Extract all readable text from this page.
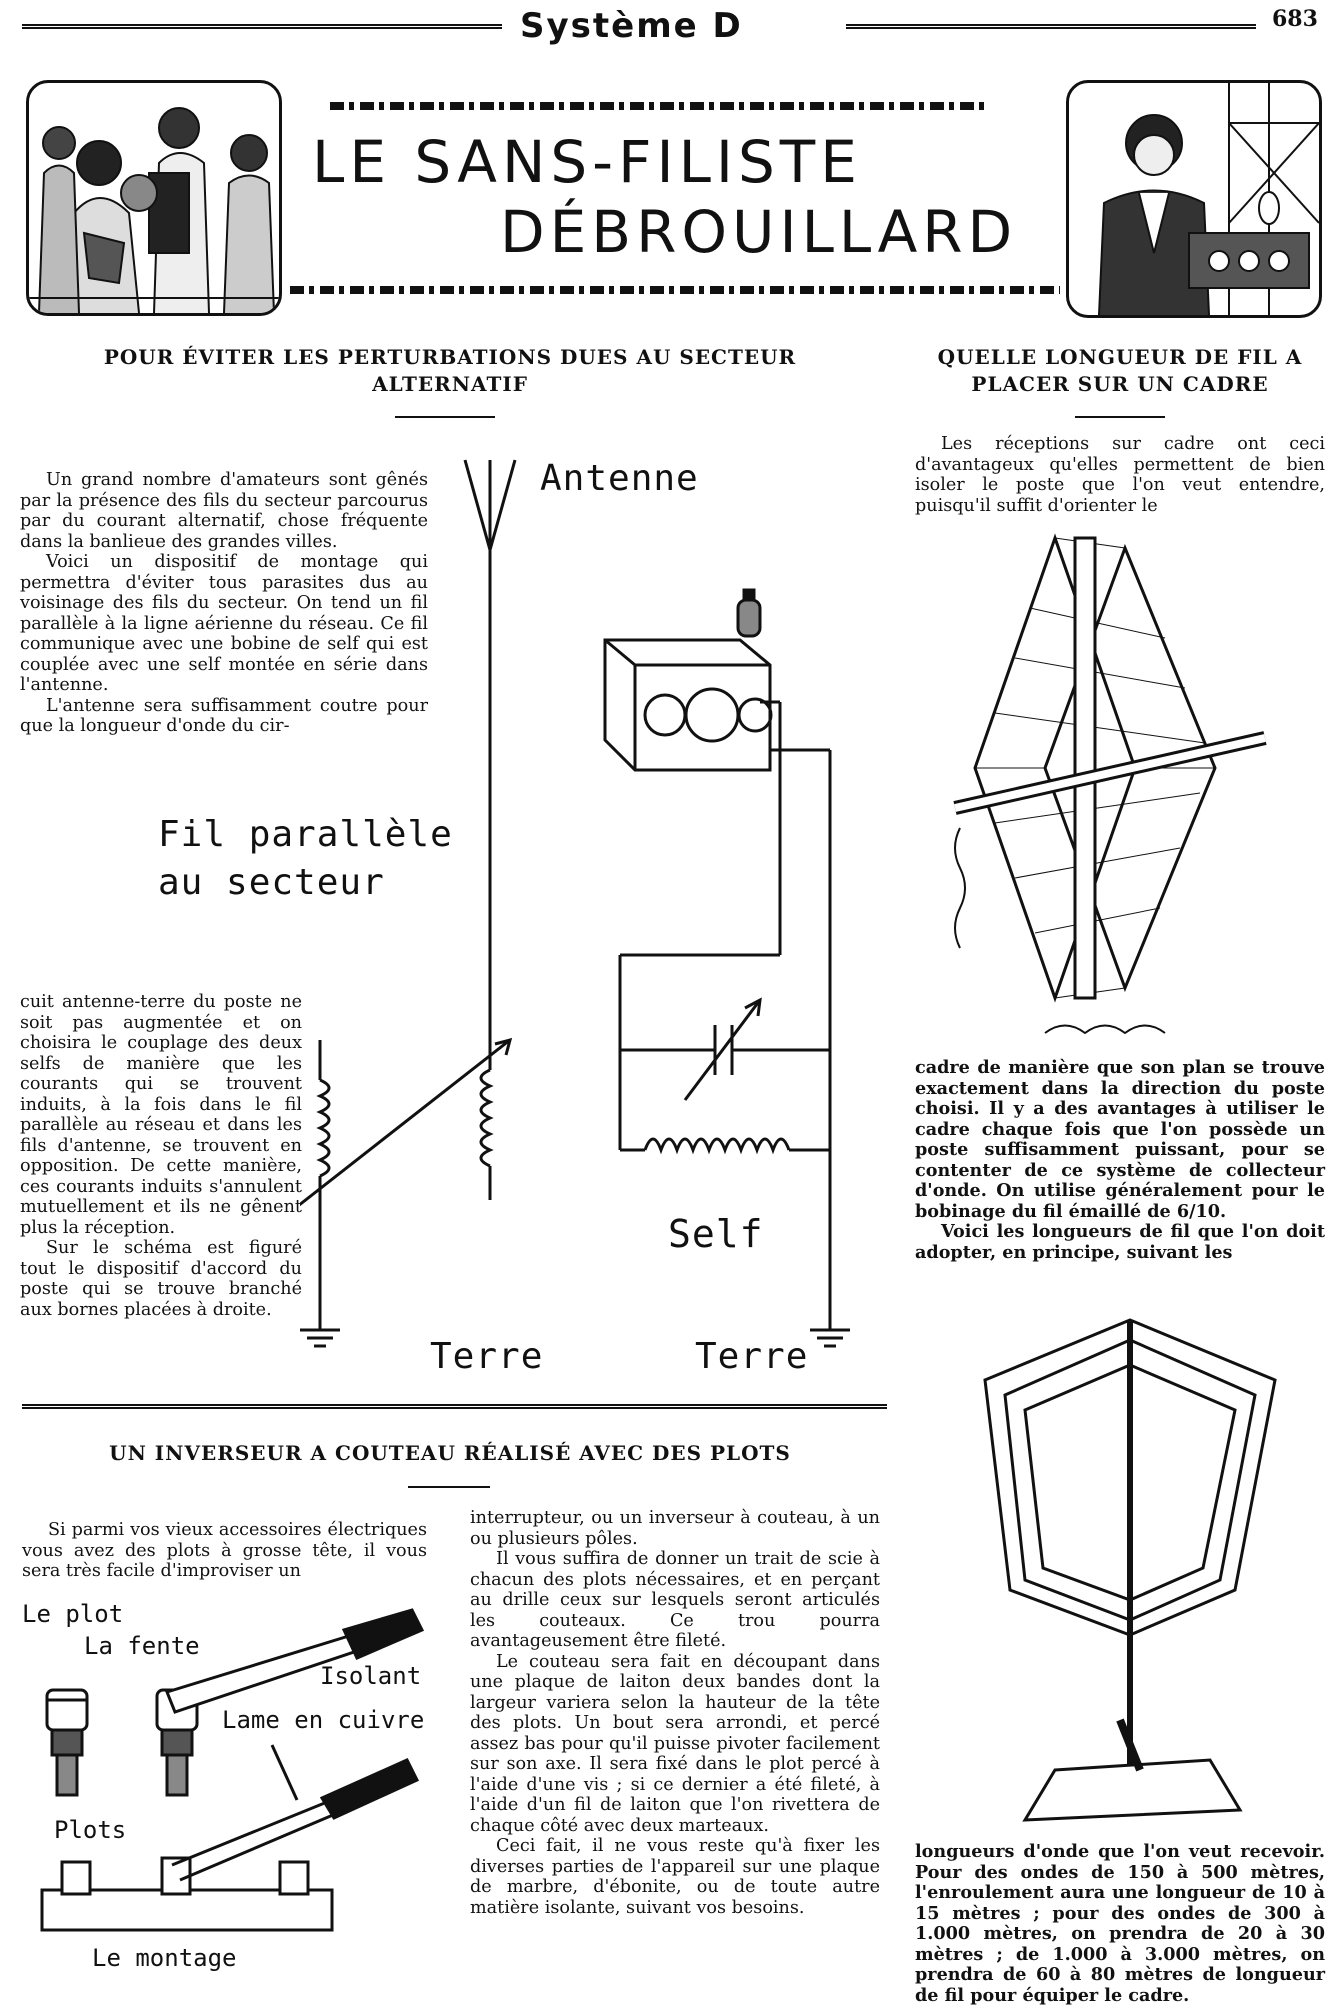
Système D	683
LE SANS-FILISTE
DÉBROUILLARD
POUR ÉVITER LES PERTURBATIONS DUES AU SECTEUR ALTERNATIF

Un grand nombre d'amateurs sont gênés par la présence des fils du secteur parcourus par du courant alternatif, chose fréquente dans la banlieue des grandes villes.

Voici un dispositif de montage qui permettra d'éviter tous parasites dus au voisinage des fils du secteur. On tend un fil parallèle à la ligne aérienne du réseau. Ce fil communique avec une bobine de self qui est couplée avec une self montée en série dans l'antenne.

L'antenne sera suffisamment coutre pour que la longueur d'onde du cir-

cuit antenne-terre du poste ne soit pas augmentée et on choisira le couplage des deux selfs de manière que les courants qui se trouvent induits, à la fois dans le fil parallèle au réseau et dans les fils d'antenne, se trouvent en opposition. De cette manière, ces courants induits s'annulent mutuellement et ils ne gênent plus la réception.

Sur le schéma est figuré tout le dispositif d'accord du poste qui se trouve branché aux bornes placées à droite.

Antenne
Fil parallèle
au secteur
Self
Terre	Terre
QUELLE LONGUEUR DE FIL A
PLACER SUR UN CADRE

Les réceptions sur cadre ont ceci d'avantageux qu'elles permettent de bien isoler le poste que l'on veut entendre, puisqu'il suffit d'orienter le

cadre de manière que son plan se trouve exactement dans la direction du poste choisi. Il y a des avantages à utiliser le cadre chaque fois que l'on possède un poste suffisamment puissant, pour se contenter de ce système de collecteur d'onde. On utilise généralement pour le bobinage du fil émaillé de 6/10.

Voici les longueurs de fil que l'on doit adopter, en principe, suivant les

longueurs d'onde que l'on veut recevoir. Pour des ondes de 150 à 500 mètres, l'enroulement aura une longueur de 10 à 15 mètres ; pour des ondes de 300 à 1.000 mètres, on prendra de 20 à 30 mètres ; de 1.000 à 3.000 mètres, on prendra de 60 à 80 mètres de longueur de fil pour équiper le cadre.

UN INVERSEUR A COUTEAU RÉALISÉ AVEC DES PLOTS

Si parmi vos vieux accessoires électriques vous avez des plots à grosse tête, il vous sera très facile d'improviser un

Le plot
La fente
Isolant
Lame en cuivre
Plots
Le montage

interrupteur, ou un inverseur à couteau, à un ou plusieurs pôles.

Il vous suffira de donner un trait de scie à chacun des plots nécessaires, et en perçant au drille ceux sur lesquels seront articulés les couteaux. Ce trou pourra avantageusement être fileté.

Le couteau sera fait en découpant dans une plaque de laiton deux bandes dont la largeur variera selon la hauteur de la tête des plots. Un bout sera arrondi, et percé assez bas pour qu'il puisse pivoter facilement sur son axe. Il sera fixé dans le plot percé à l'aide d'une vis ; si ce dernier a été fileté, à l'aide d'un fil de laiton que l'on rivettera de chaque côté avec deux marteaux.

Ceci fait, il ne vous reste qu'à fixer les diverses parties de l'appareil sur une plaque de marbre, d'ébonite, ou de toute autre matière isolante, suivant vos besoins.
